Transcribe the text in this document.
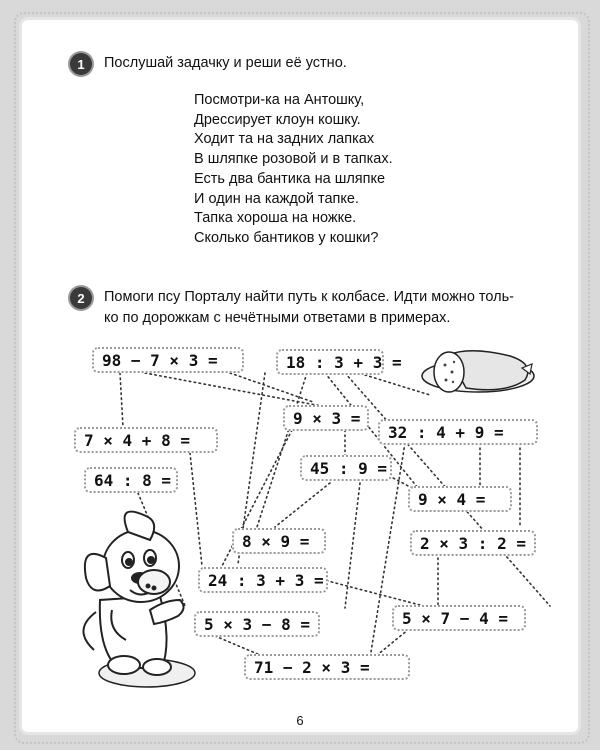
1 Послушай задачку и реши её устно.
Посмотри-ка на Антошку,
Дрессирует клоун кошку.
Ходит та на задних лапках
В шляпке розовой и в тапках.
Есть два бантика на шляпке
И один на каждой тапке.
Тапка хороша на ножке.
Сколько бантиков у кошки?
2 Помоги псу Порталу найти путь к колбасе. Идти можно толь-
ко по дорожкам с нечётными ответами в примерах.
98 − 7 × 3 =	18 : 3 + 3 =
9 × 3 =
7 × 4 + 8 =	32 : 4 + 9 =
45 : 9 =
64 : 8 =
9 × 4 =
8 × 9 =	2 × 3 : 2 =
24 : 3 + 3 =
5 × 3 − 8 =	5 × 7 − 4 =
71 − 2 × 3 =
6
